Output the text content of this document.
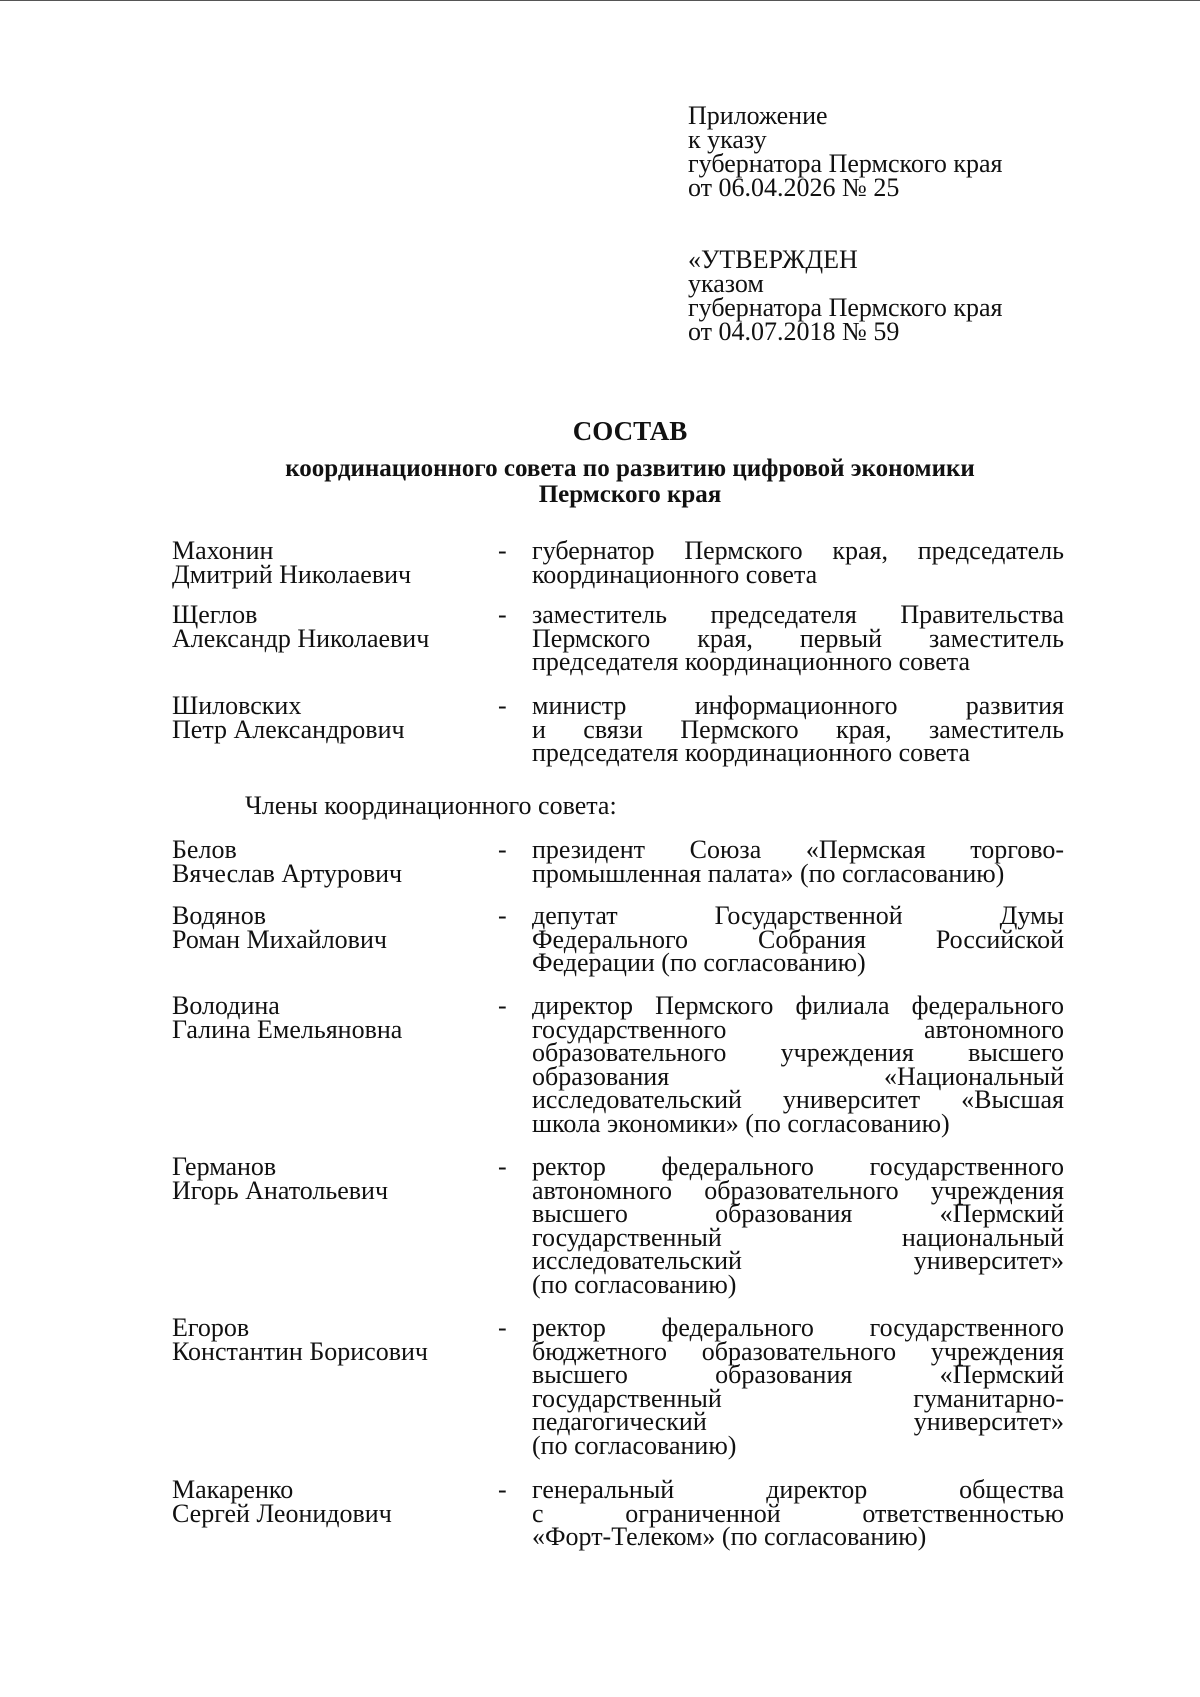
Приложение
к указу
губернатора Пермского края
от 06.04.2026 № 25
«УТВЕРЖДЕН
указом
губернатора Пермского края
от 04.07.2018 № 59
СОСТАВ
координационного совета по развитию цифровой экономики
Пермского края
Махонин
Дмитрий Николаевич
- губернатор Пермского края, председатель
координационного совета
Щеглов
Александр Николаевич
- заместитель председателя Правительства
Пермского края, первый заместитель
председателя координационного совета
Шиловских
Петр Александрович
- министр информационного развития
и связи Пермского края, заместитель
председателя координационного совета
Члены координационного совета:
Белов
Вячеслав Артурович
- президент Союза «Пермская торгово-
промышленная палата» (по согласованию)
Водянов
Роман Михайлович
- депутат Государственной Думы
Федерального Собрания Российской
Федерации (по согласованию)
Володина
Галина Емельяновна
- директор Пермского филиала федерального
государственного автономного
образовательного учреждения высшего
образования «Национальный
исследовательский университет «Высшая
школа экономики» (по согласованию)
Германов
Игорь Анатольевич
- ректор федерального государственного
автономного образовательного учреждения
высшего образования «Пермский
государственный национальный
исследовательский университет»
(по согласованию)
Егоров
Константин Борисович
- ректор федерального государственного
бюджетного образовательного учреждения
высшего образования «Пермский
государственный гуманитарно-
педагогический университет»
(по согласованию)
Макаренко
Сергей Леонидович
- генеральный директор общества
с ограниченной ответственностью
«Форт-Телеком» (по согласованию)
